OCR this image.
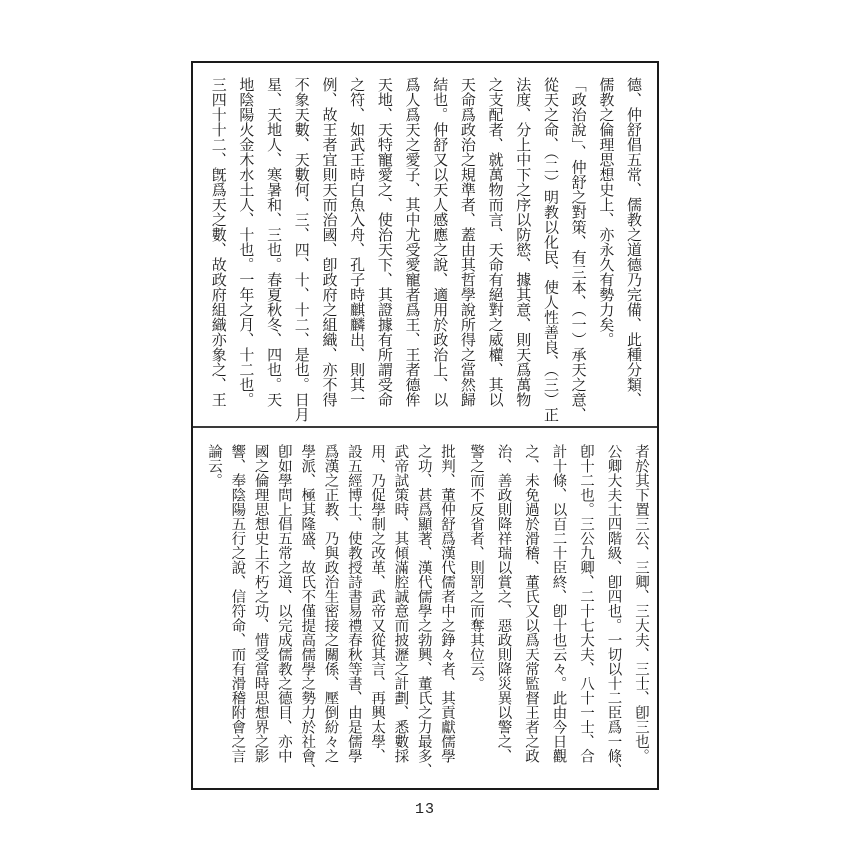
德、仲舒倡五常、儒教之道德乃完備、此種分類、
儒教之倫理思想史上、亦永久有勢力矣。
「政治說」、仲舒之對策、有三本、（一）承天之意、
從天之命、（二）明教以化民、使人性善良、（三）正
法度、分上中下之序以防慾、據其意、則天爲萬物
之支配者、就萬物而言、天命有絕對之威權、其以
天命爲政治之規準者、蓋由其哲學說所得之當然歸
結也。仲舒又以天人感應之說、適用於政治上、以
爲人爲天之愛子、其中尤受愛寵者爲王、王者德侔
天地、天特寵愛之、使治天下、其證據有所謂受命
之符、如武王時白魚入舟、孔子時麒麟出、則其一
例、故王者宜則天而治國、卽政府之組織、亦不得
不象天數、天數何、三、四、十、十二、是也。日月
星、天地人、寒暑和、三也。春夏秋冬、四也。天
地陰陽火金木水土人、十也。一年之月、十二也。
三四十十二、旣爲天之數、故政府組織亦象之、王
者於其下置三公、三卿、三大夫、三士、卽三也。
公卿大夫士四階級、卽四也。一切以十二臣爲一條、
卽十二也。三公九卿、二十七大夫、八十一士、合
計十條、以百二十臣終、卽十也云々。此由今日觀
之、未免過於滑稽、董氏又以爲天常監督王者之政
治、善政則降祥瑞以賞之、惡政則降災異以警之、
警之而不反省者、則罰之而奪其位云。
批判、董仲舒爲漢代儒者中之錚々者、其貢獻儒學
之功、甚爲顯著、漢代儒學之勃興、董氏之力最多、
武帝試策時、其傾滿腔誠意而披瀝之計劃、悉數採
用、乃促學制之改革、武帝又從其言、再興太學、
設五經博士、使教授詩書易禮春秋等書、由是儒學
爲漢之正教、乃與政治生密接之關係、壓倒紛々之
學派、極其隆盛、故氏不僅提高儒學之勢力於社會、
卽如學問上倡五常之道、以完成儒教之德目、亦中
國之倫理思想史上不朽之功、惜受當時思想界之影
響、奉陰陽五行之說、信符命、而有滑稽附會之言
論云。
13
